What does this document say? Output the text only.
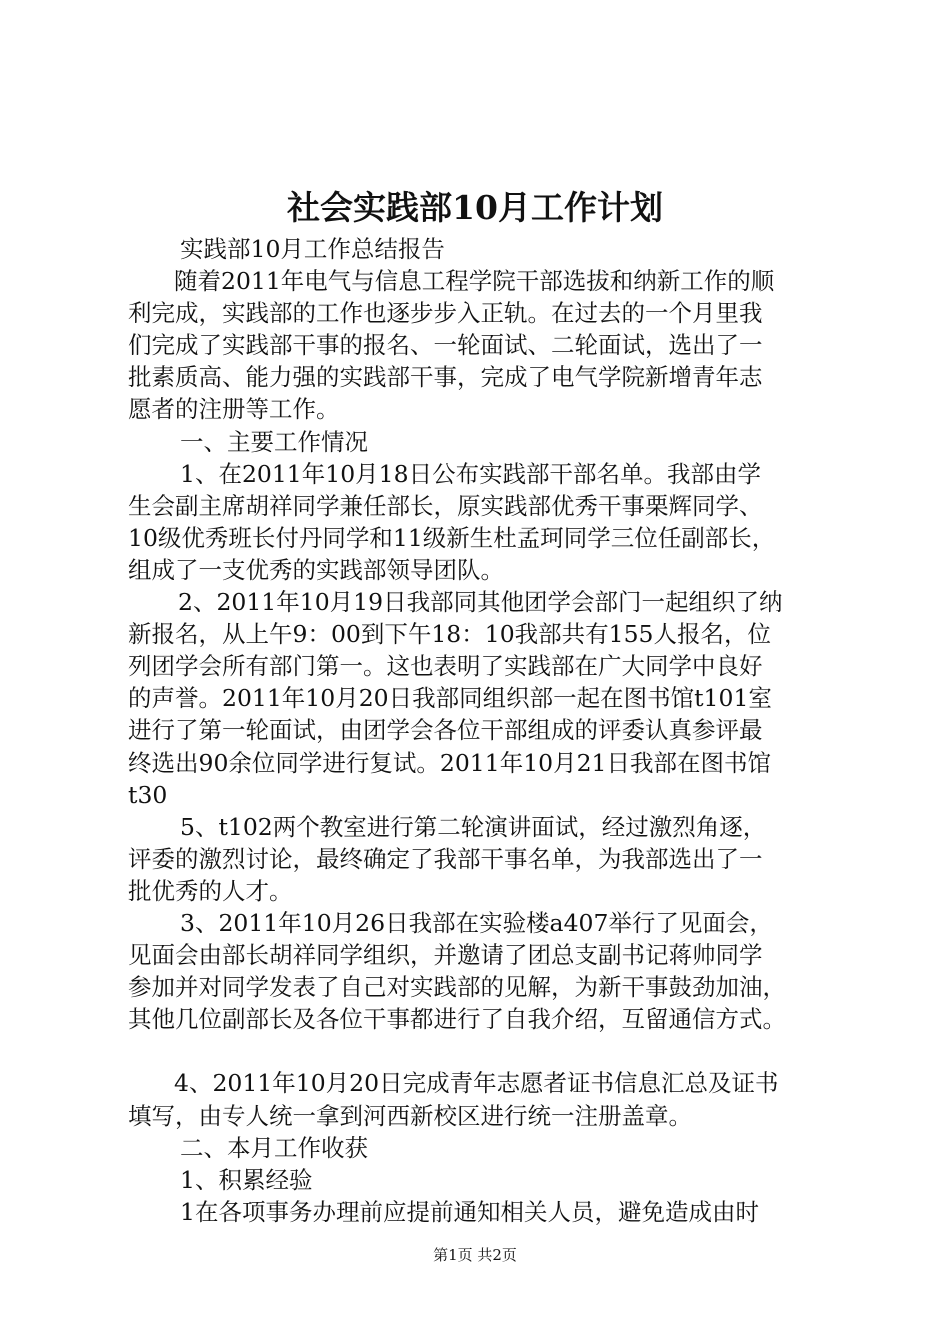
社会实践部10月工作计划
实践部10月工作总结报告
随着2011年电气与信息工程学院干部选拔和纳新工作的顺
利完成，实践部的工作也逐步步入正轨。在过去的一个月里我
们完成了实践部干事的报名、一轮面试、二轮面试，选出了一
批素质高、能力强的实践部干事，完成了电气学院新增青年志
愿者的注册等工作。
一、主要工作情况
1、在2011年10月18日公布实践部干部名单。我部由学
生会副主席胡祥同学兼任部长，原实践部优秀干事栗辉同学、
10级优秀班长付丹同学和11级新生杜孟珂同学三位任副部长，
组成了一支优秀的实践部领导团队。
2、2011年10月19日我部同其他团学会部门一起组织了纳
新报名，从上午9：00到下午18：10我部共有155人报名，位
列团学会所有部门第一。这也表明了实践部在广大同学中良好
的声誉。2011年10月20日我部同组织部一起在图书馆t101室
进行了第一轮面试，由团学会各位干部组成的评委认真参评最
终选出90余位同学进行复试。2011年10月21日我部在图书馆
t30
5、t102两个教室进行第二轮演讲面试，经过激烈角逐，
评委的激烈讨论，最终确定了我部干事名单，为我部选出了一
批优秀的人才。
3、2011年10月26日我部在实验楼a407举行了见面会，
见面会由部长胡祥同学组织，并邀请了团总支副书记蒋帅同学
参加并对同学发表了自己对实践部的见解，为新干事鼓劲加油，
其他几位副部长及各位干事都进行了自我介绍，互留通信方式。
4、2011年10月20日完成青年志愿者证书信息汇总及证书
填写，由专人统一拿到河西新校区进行统一注册盖章。
二、本月工作收获
1、积累经验
1在各项事务办理前应提前通知相关人员，避免造成由时
第1页 共2页
